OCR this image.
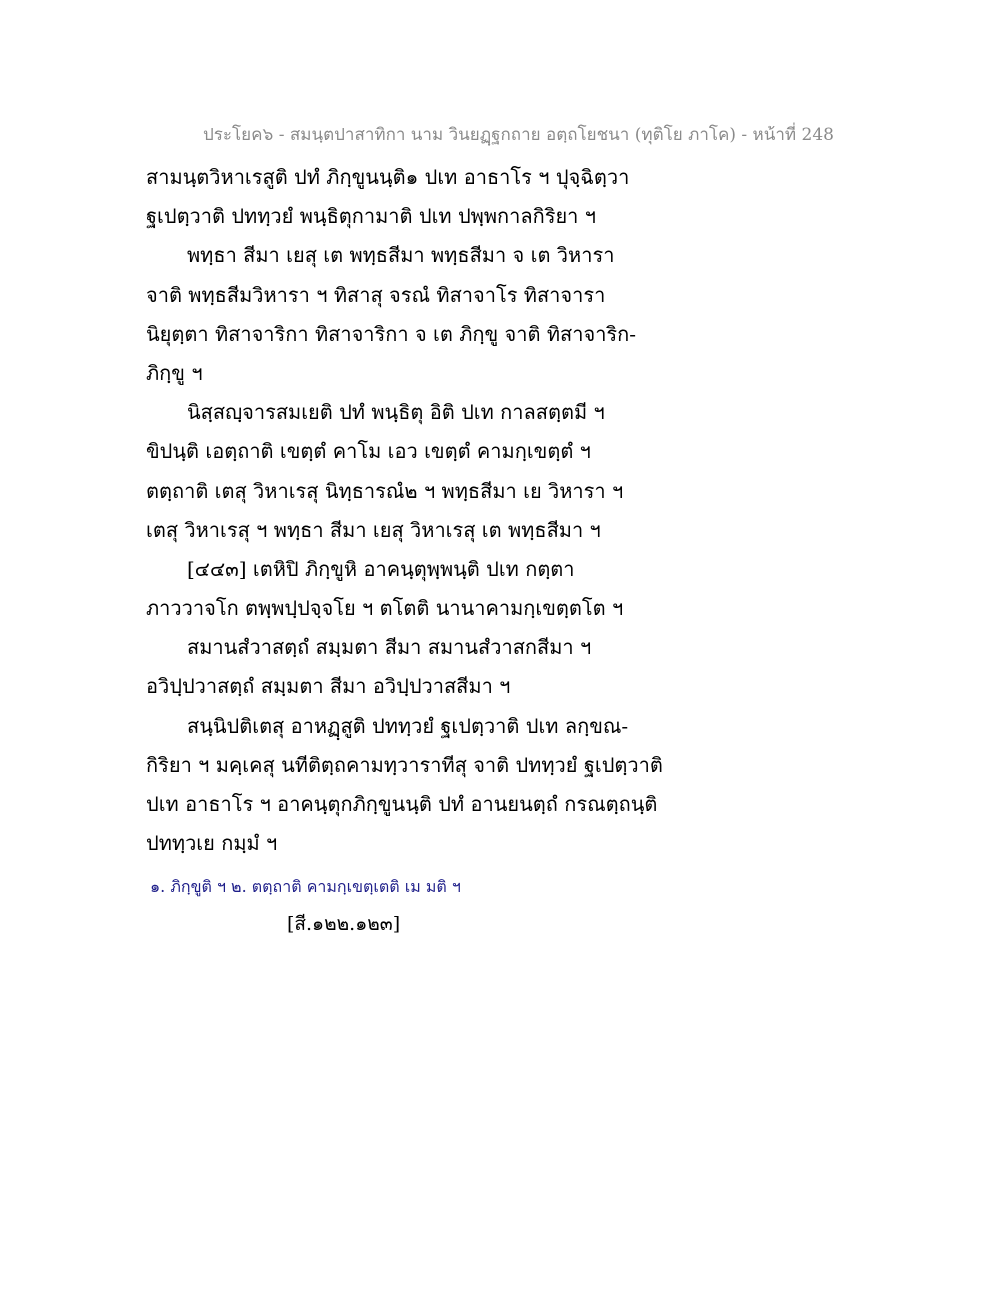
ประโยค๖ - สมนฺตปาสาทิกา นาม วินยฏฺฐกถาย อตฺถโยชนา (ทุติโย ภาโค) - หน้าที่ 248
สามนฺตวิหาเรสูติ ปทํ ภิกฺขูนนฺติ๑ ปเท อาธาโร ฯ ปุจฺฉิตฺวา
ฐเปตฺวาติ ปททฺวยํ พนฺธิตุกามาติ ปเท ปพฺพกาลกิริยา ฯ
พทฺธา สีมา เยสุ เต พทฺธสีมา พทฺธสีมา จ เต วิหารา
จาติ พทฺธสีมวิหารา ฯ ทิสาสุ จรณํ ทิสาจาโร ทิสาจารา
นิยุตฺตา ทิสาจาริกา ทิสาจาริกา จ เต ภิกฺขู จาติ ทิสาจาริก-
ภิกฺขู ฯ
นิสฺสญฺจารสมเยติ ปทํ พนฺธิตุ อิติ ปเท กาลสตฺตมี ฯ
ขิปนฺติ เอตฺถาติ เขตฺตํ คาโม เอว เขตฺตํ คามกฺเขตฺตํ ฯ
ตตฺถาติ เตสุ วิหาเรสุ นิทฺธารณํ๒ ฯ พทฺธสีมา เย วิหารา ฯ
เตสุ วิหาเรสุ ฯ พทฺธา สีมา เยสุ วิหาเรสุ เต พทฺธสีมา ฯ
[๔๔๓] เตหิปิ ภิกฺขูหิ อาคนฺตุพฺพนฺติ ปเท กตฺตา
ภาววาจโก ตพฺพปฺปจฺจโย ฯ ตโตติ นานาคามกฺเขตฺตโต ฯ
สมานสํวาสตฺถํ สมฺมตา สีมา สมานสํวาสกสีมา ฯ
อวิปฺปวาสตฺถํ สมฺมตา สีมา อวิปฺปวาสสีมา ฯ
สนฺนิปติเตสุ อาหฏฺสูติ ปททฺวยํ ฐเปตฺวาติ ปเท ลกฺขณ-
กิริยา ฯ มคฺเคสุ นทีติตฺถคามทฺวาราทีสุ จาติ ปททฺวยํ ฐเปตฺวาติ
ปเท อาธาโร ฯ อาคนฺตุกภิกฺขูนนฺติ ปทํ อานยนตฺถํ กรณตฺถนฺติ
ปททฺวเย กมฺมํ ฯ
๑. ภิกฺขูติ ฯ ๒. ตตฺถาติ คามกฺเขตฺเตติ เม มติ ฯ
[สี.๑๒๒.๑๒๓]
